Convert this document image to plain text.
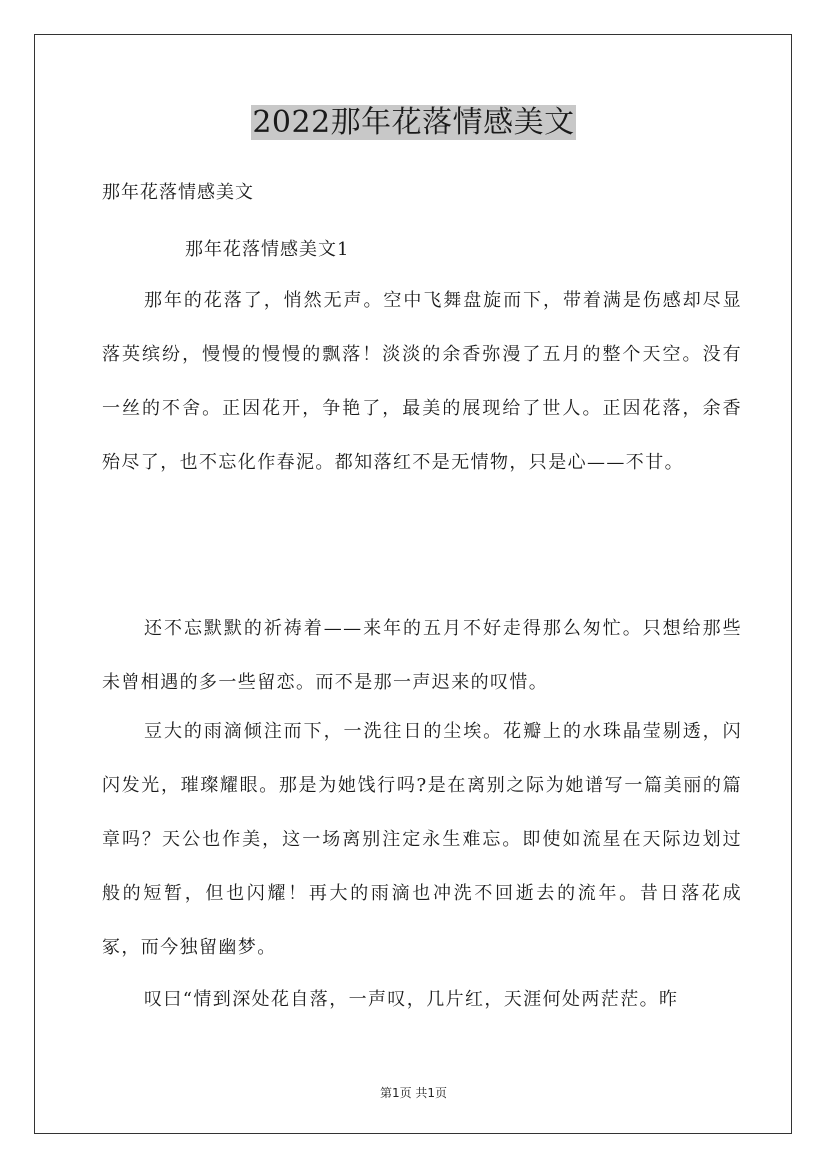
2022那年花落情感美文
那年花落情感美文
那年花落情感美文1

那年的花落了，悄然无声。空中飞舞盘旋而下，带着满是伤感却尽显落英缤纷，慢慢的慢慢的飘落！淡淡的余香弥漫了五月的整个天空。没有一丝的不舍。正因花开，争艳了，最美的展现给了世人。正因花落，余香殆尽了，也不忘化作春泥。都知落红不是无情物，只是心——不甘。

还不忘默默的祈祷着——来年的五月不好走得那么匆忙。只想给那些未曾相遇的多一些留恋。而不是那一声迟来的叹惜。

豆大的雨滴倾注而下，一洗往日的尘埃。花瓣上的水珠晶莹剔透，闪闪发光，璀璨耀眼。那是为她饯行吗?是在离别之际为她谱写一篇美丽的篇章吗？天公也作美，这一场离别注定永生难忘。即使如流星在天际边划过般的短暂，但也闪耀！再大的雨滴也冲洗不回逝去的流年。昔日落花成冢，而今独留幽梦。

叹曰“情到深处花自落，一声叹，几片红，天涯何处两茫茫。昨

第1页 共1页
